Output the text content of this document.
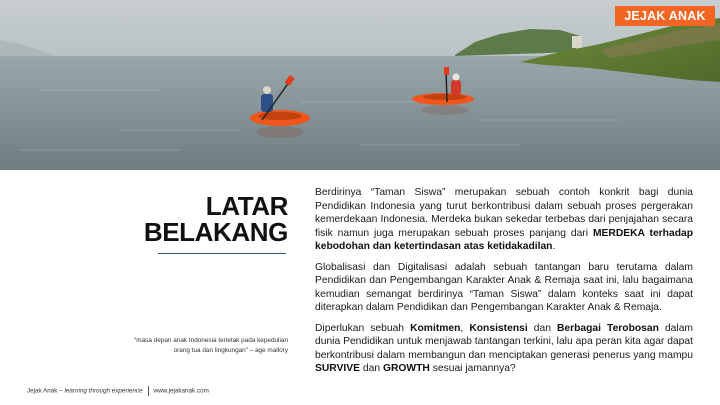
JEJAK ANAK
LATAR
BELAKANG

Berdirinya “Taman Siswa” merupakan sebuah contoh konkrit bagi dunia Pendidikan Indonesia yang turut berkontribusi dalam sebuah proses pergerakan kemerdekaan Indonesia. Merdeka bukan sekedar terbebas dari penjajahan secara fisik namun juga merupakan sebuah proses panjang dari MERDEKA terhadap kebodohan dan ketertindasan atas ketidakadilan.

Globalisasi dan Digitalisasi adalah sebuah tantangan baru terutama dalam Pendidikan dan Pengembangan Karakter Anak & Remaja saat ini, lalu bagaimana kemudian semangat berdirinya “Taman Siswa” dalam konteks saat ini dapat diterapkan dalam Pendidikan dan Pengembangan Karakter Anak & Remaja.

Diperlukan sebuah Komitmen, Konsistensi dan Berbagai Terobosan dalam dunia Pendidikan untuk menjawab tantangan terkini, lalu apa peran kita agar dapat berkontribusi dalam membangun dan menciptakan generasi penerus yang mampu SURVIVE dan GROWTH sesuai jamannya?

“masa depan anak Indonesia terletak pada kepedulian
orang tua dan lingkungan” – age mallory
Jejak Anak – learning through experience www.jejakanak.com
